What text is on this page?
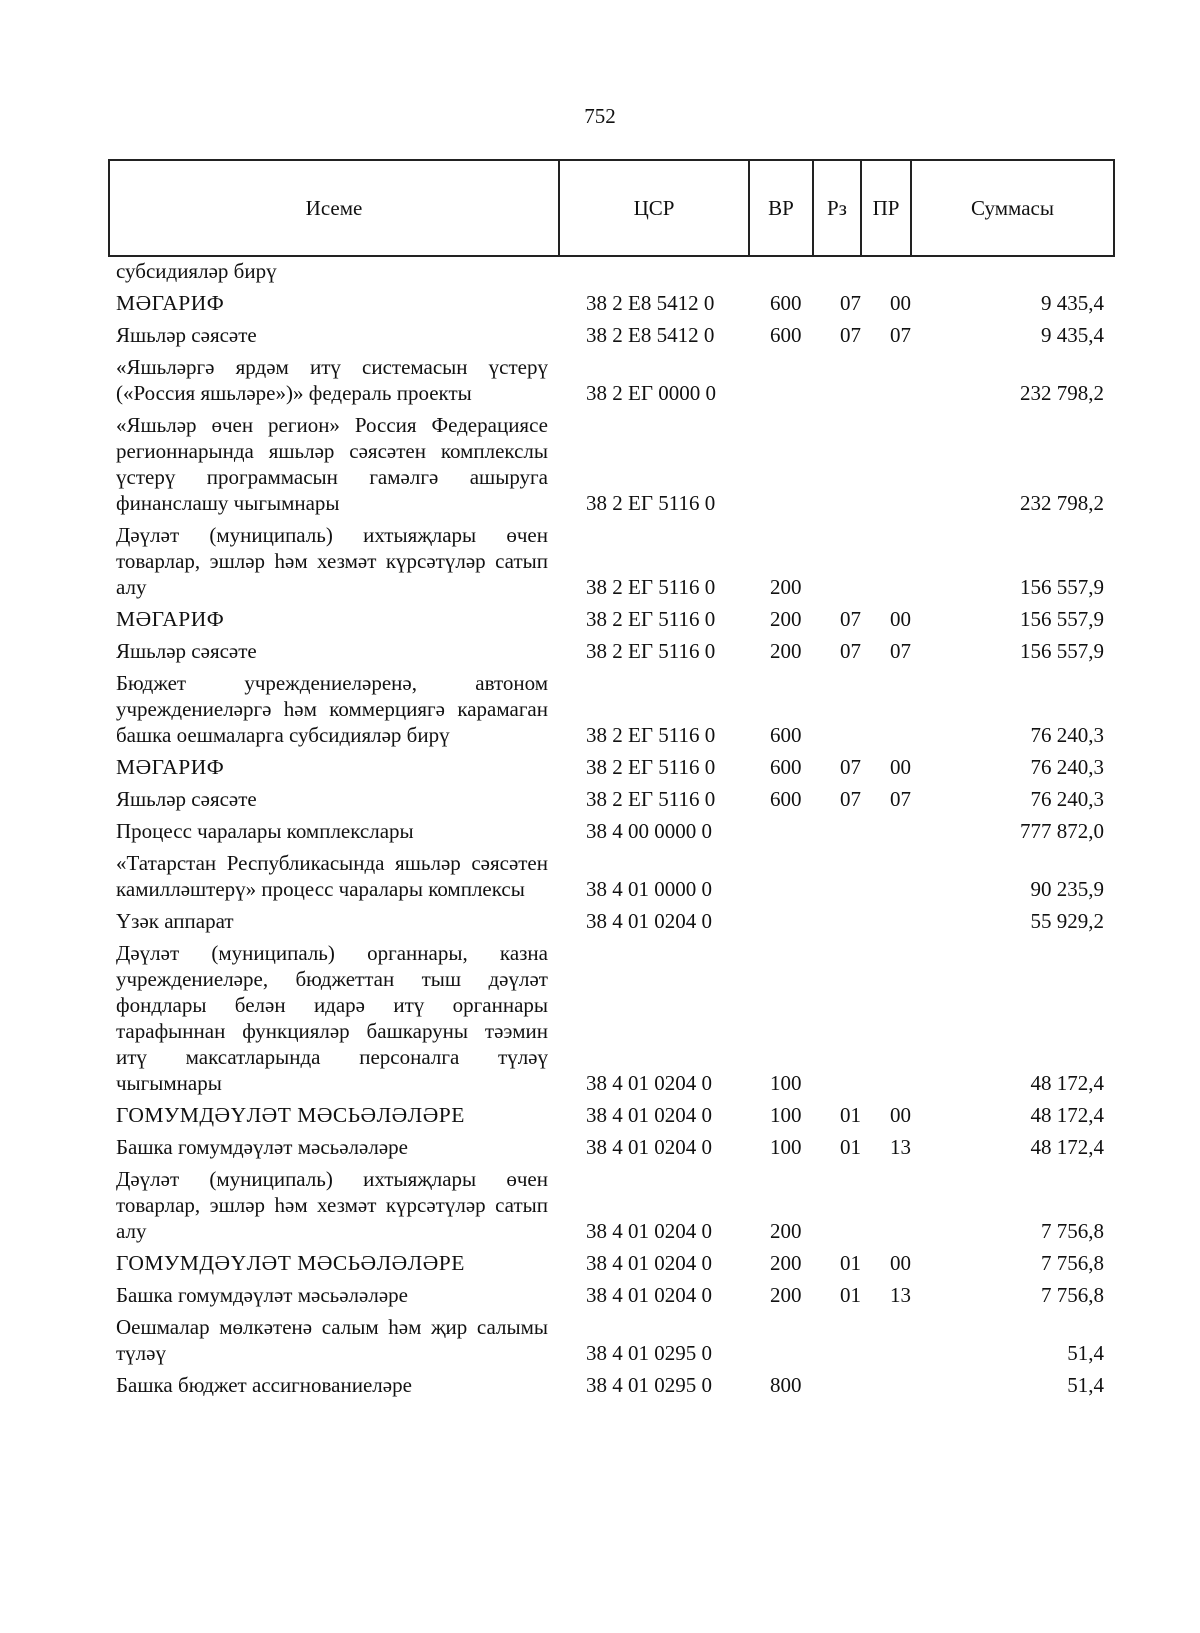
752
Исеме	ЦСР	ВР	Рз	ПР	Суммасы
субсидияләр бирү
МӘГАРИФ	38 2 Е8 5412 0	600 07 00	9 435,4
Яшьләр сәясәте	38 2 Е8 5412 0	600 07 07	9 435,4
«Яшьләргә ярдәм итү системасын үстерү («Россия яшьләре»)» федераль проекты	38 2 ЕГ 0000 0	232 798,2
«Яшьләр өчен регион» Россия Федерациясе регионнарында яшьләр сәясәтен комплекслы үстерү программасын гамәлгә ашыруга финанслашу чыгымнары	38 2 ЕГ 5116 0	232 798,2
Дәүләт (муниципаль) ихтыяҗлары өчен товарлар, эшләр һәм хезмәт күрсәтүләр сатып алу	38 2 ЕГ 5116 0	200	156 557,9
МӘГАРИФ	38 2 ЕГ 5116 0	200 07 00	156 557,9
Яшьләр сәясәте	38 2 ЕГ 5116 0	200 07 07	156 557,9
Бюджет учреждениеләренә, автоном учреждениеләргә һәм коммерциягә карамаган башка оешмаларга субсидияләр бирү	38 2 ЕГ 5116 0	600	76 240,3
МӘГАРИФ	38 2 ЕГ 5116 0	600 07 00	76 240,3
Яшьләр сәясәте	38 2 ЕГ 5116 0	600 07 07	76 240,3
Процесс чаралары комплекслары	38 4 00 0000 0	777 872,0
«Татарстан Республикасында яшьләр сәясәтен камилләштерү» процесс чаралары комплексы	38 4 01 0000 0	90 235,9
Үзәк аппарат	38 4 01 0204 0	55 929,2
Дәүләт (муниципаль) органнары, казна учреждениеләре, бюджеттан тыш дәүләт фондлары белән идарә итү органнары тарафыннан функцияләр башкаруны тәэмин итү максатларында персоналга түләү чыгымнары	38 4 01 0204 0	100	48 172,4
ГОМУМДӘҮЛӘТ МӘСЬӘЛӘЛӘРЕ	38 4 01 0204 0	100 01 00	48 172,4
Башка гомумдәүләт мәсьәләләре	38 4 01 0204 0	100 01 13	48 172,4
Дәүләт (муниципаль) ихтыяҗлары өчен товарлар, эшләр һәм хезмәт күрсәтүләр сатып алу	38 4 01 0204 0	200	7 756,8
ГОМУМДӘҮЛӘТ МӘСЬӘЛӘЛӘРЕ	38 4 01 0204 0	200 01 00	7 756,8
Башка гомумдәүләт мәсьәләләре	38 4 01 0204 0	200 01 13	7 756,8
Оешмалар мөлкәтенә салым һәм җир салымы түләү	38 4 01 0295 0	51,4
Башка бюджет ассигнованиеләре	38 4 01 0295 0	800	51,4
